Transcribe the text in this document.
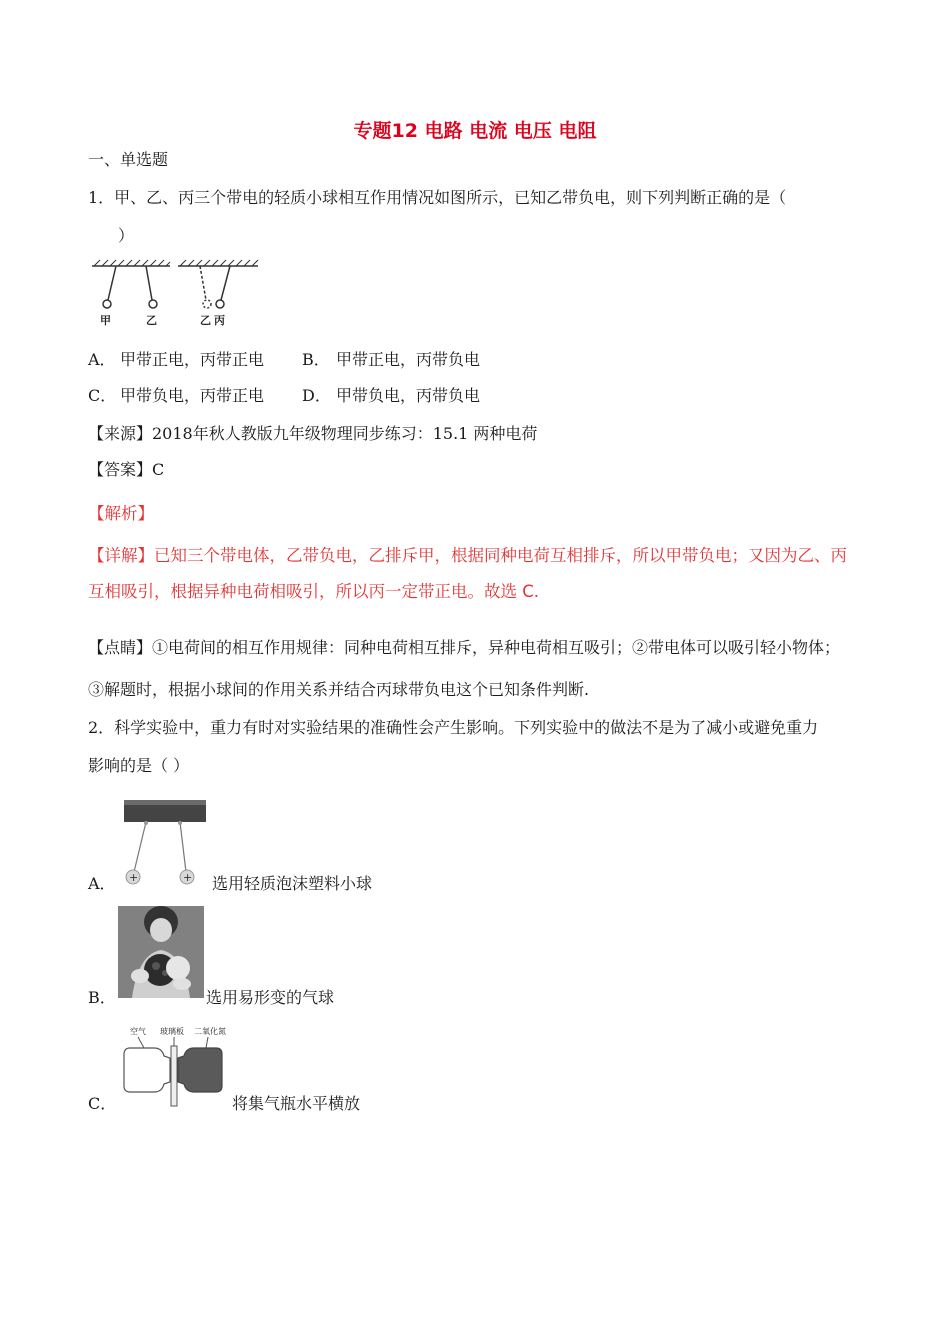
专题12 电路 电流 电压 电阻
一、单选题
1．甲、乙、丙三个带电的轻质小球相互作用情况如图所示，已知乙带负电，则下列判断正确的是（
）
甲	乙	乙 丙
A． 甲带正电，丙带正电 B． 甲带正电，丙带负电
C． 甲带负电，丙带正电 D． 甲带负电，丙带负电
【来源】2018年秋人教版九年级物理同步练习：15.1 两种电荷
【答案】C
【解析】
【详解】已知三个带电体，乙带负电，乙排斥甲，根据同种电荷互相排斥，所以甲带负电；又因为乙、丙
互相吸引，根据异种电荷相吸引，所以丙一定带正电。故选 C.
【点睛】①电荷间的相互作用规律：同种电荷相互排斥，异种电荷相互吸引；②带电体可以吸引轻小物体；
③解题时，根据小球间的作用关系并结合丙球带负电这个已知条件判断.
2．科学实验中，重力有时对实验结果的准确性会产生影响。下列实验中的做法不是为了减小或避免重力
影响的是（ ）
+	+
A．	选用轻质泡沫塑料小球
B．	选用易形变的气球
空气 玻璃板 二氧化氮
C．	将集气瓶水平横放
